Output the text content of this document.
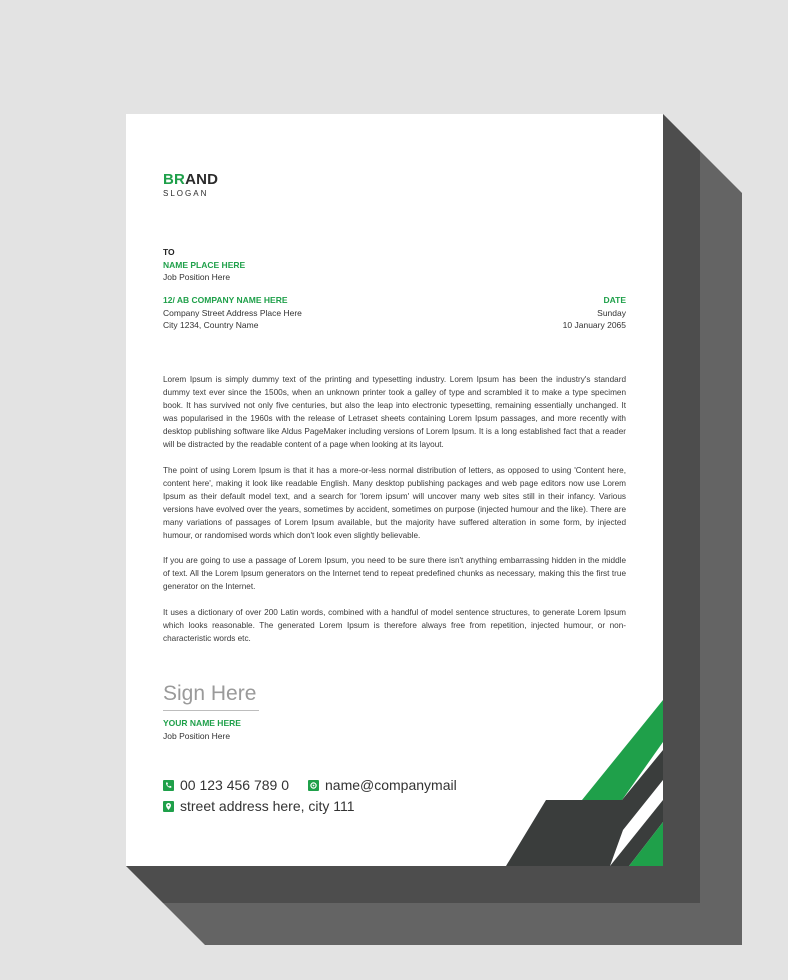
BRAND
SLOGAN
TO
NAME PLACE HERE
Job Position Here
12/ AB COMPANY NAME HERE
Company Street Address Place Here
City 1234, Country Name
DATE
Sunday
10 January 2065

Lorem Ipsum is simply dummy text of the printing and typesetting industry. Lorem Ipsum has been the industry's standard dummy text ever since the 1500s, when an unknown printer took a galley of type and scrambled it to make a type specimen book. It has survived not only five centuries, but also the leap into electronic typesetting, remaining essentially unchanged. It was popularised in the 1960s with the release of Letraset sheets containing Lorem Ipsum passages, and more recently with desktop publishing software like Aldus PageMaker including versions of Lorem Ipsum. It is a long established fact that a reader will be distracted by the readable content of a page when looking at its layout.

The point of using Lorem Ipsum is that it has a more-or-less normal distribution of letters, as opposed to using 'Content here, content here', making it look like readable English. Many desktop publishing packages and web page editors now use Lorem Ipsum as their default model text, and a search for 'lorem ipsum' will uncover many web sites still in their infancy. Various versions have evolved over the years, sometimes by accident, sometimes on purpose (injected humour and the like). There are many variations of passages of Lorem Ipsum available, but the majority have suffered alteration in some form, by injected humour, or randomised words which don't look even slightly believable.

If you are going to use a passage of Lorem Ipsum, you need to be sure there isn't anything embarrassing hidden in the middle of text. All the Lorem Ipsum generators on the Internet tend to repeat predefined chunks as necessary, making this the first true generator on the Internet.

It uses a dictionary of over 200 Latin words, combined with a handful of model sentence structures, to generate Lorem Ipsum which looks reasonable. The generated Lorem Ipsum is therefore always free from repetition, injected humour, or non-characteristic words etc.

Sign Here
YOUR NAME HERE
Job Position Here
00 123 456 789 0	name@companymail
street address here, city 111
